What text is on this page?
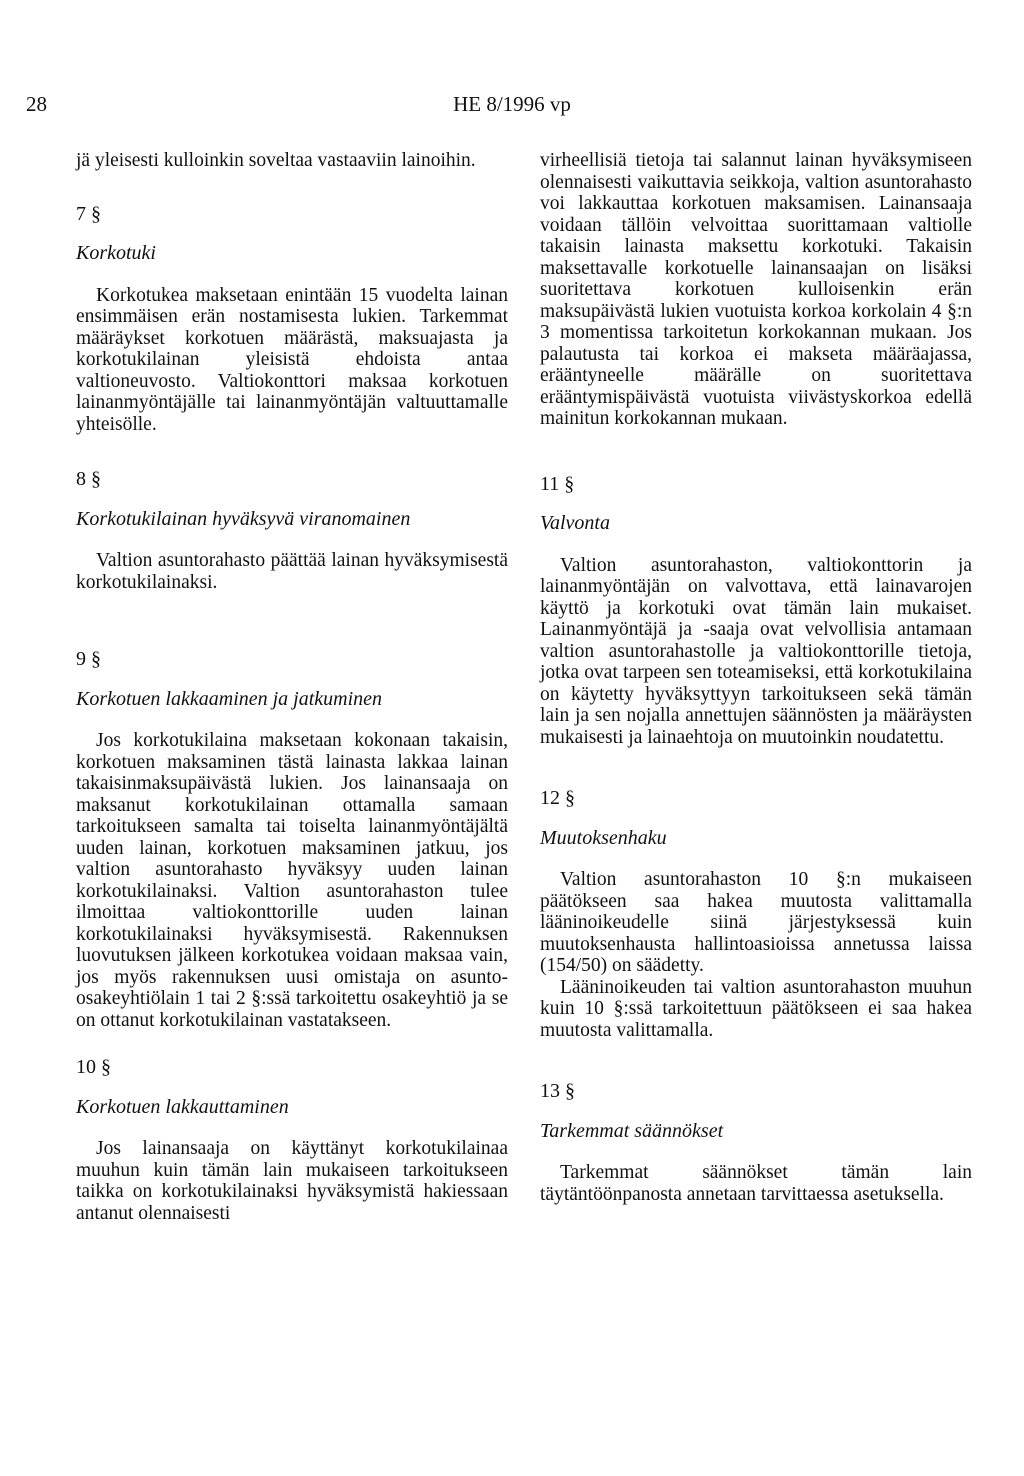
28	HE 8/1996 vp

jä yleisesti kulloinkin soveltaa vastaaviin lainoihin.

7 §

Korkotuki

Korkotukea maksetaan enintään 15 vuodelta lainan ensimmäisen erän nostamisesta lukien. Tarkemmat määräykset korkotuen määrästä, maksuajasta ja korkotukilainan yleisistä ehdoista antaa valtioneuvosto. Valtiokonttori maksaa korkotuen lainanmyöntäjälle tai lainanmyöntäjän valtuuttamalle yhteisölle.

8 §

Korkotukilainan hyväksyvä viranomainen

Valtion asuntorahasto päättää lainan hyväksymisestä korkotukilainaksi.

9 §

Korkotuen lakkaaminen ja jatkuminen

Jos korkotukilaina maksetaan kokonaan takaisin, korkotuen maksaminen tästä lainasta lakkaa lainan takaisinmaksupäivästä lukien. Jos lainansaaja on maksanut korkotukilainan ottamalla samaan tarkoitukseen samalta tai toiselta lainanmyöntäjältä uuden lainan, korkotuen maksaminen jatkuu, jos valtion asuntorahasto hyväksyy uuden lainan korkotukilainaksi. Valtion asuntorahaston tulee ilmoittaa valtiokonttorille uuden lainan korkotukilainaksi hyväksymisestä. Rakennuksen luovutuksen jälkeen korkotukea voidaan maksaa vain, jos myös rakennuksen uusi omistaja on asunto-osakeyhtiölain 1 tai 2 §:ssä tarkoitettu osakeyhtiö ja se on ottanut korkotukilainan vastatakseen.

10 §

Korkotuen lakkauttaminen

Jos lainansaaja on käyttänyt korkotukilainaa muuhun kuin tämän lain mukaiseen tarkoitukseen taikka on korkotukilainaksi hyväksymistä hakiessaan antanut olennaisesti

virheellisiä tietoja tai salannut lainan hyväksymiseen olennaisesti vaikuttavia seikkoja, valtion asuntorahasto voi lakkauttaa korkotuen maksamisen. Lainansaaja voidaan tällöin velvoittaa suorittamaan valtiolle takaisin lainasta maksettu korkotuki. Takaisin maksettavalle korkotuelle lainansaajan on lisäksi suoritettava korkotuen kulloisenkin erän maksupäivästä lukien vuotuista korkoa korkolain 4 §:n 3 momentissa tarkoitetun korkokannan mukaan. Jos palautusta tai korkoa ei makseta määräajassa, erääntyneelle määrälle on suoritettava erääntymispäivästä vuotuista viivästyskorkoa edellä mainitun korkokannan mukaan.

11 §

Valvonta

Valtion asuntorahaston, valtiokonttorin ja lainanmyöntäjän on valvottava, että lainavarojen käyttö ja korkotuki ovat tämän lain mukaiset. Lainanmyöntäjä ja -saaja ovat velvollisia antamaan valtion asuntorahastolle ja valtiokonttorille tietoja, jotka ovat tarpeen sen toteamiseksi, että korkotukilaina on käytetty hyväksyttyyn tarkoitukseen sekä tämän lain ja sen nojalla annettujen säännösten ja määräysten mukaisesti ja lainaehtoja on muutoinkin noudatettu.

12 §

Muutoksenhaku

Valtion asuntorahaston 10 §:n mukaiseen päätökseen saa hakea muutosta valittamalla lääninoikeudelle siinä järjestyksessä kuin muutoksenhausta hallintoasioissa annetussa laissa (154/50) on säädetty.

Lääninoikeuden tai valtion asuntorahaston muuhun kuin 10 §:ssä tarkoitettuun päätökseen ei saa hakea muutosta valittamalla.

13 §

Tarkemmat säännökset

Tarkemmat säännökset tämän lain täytäntöönpanosta annetaan tarvittaessa asetuksella.
